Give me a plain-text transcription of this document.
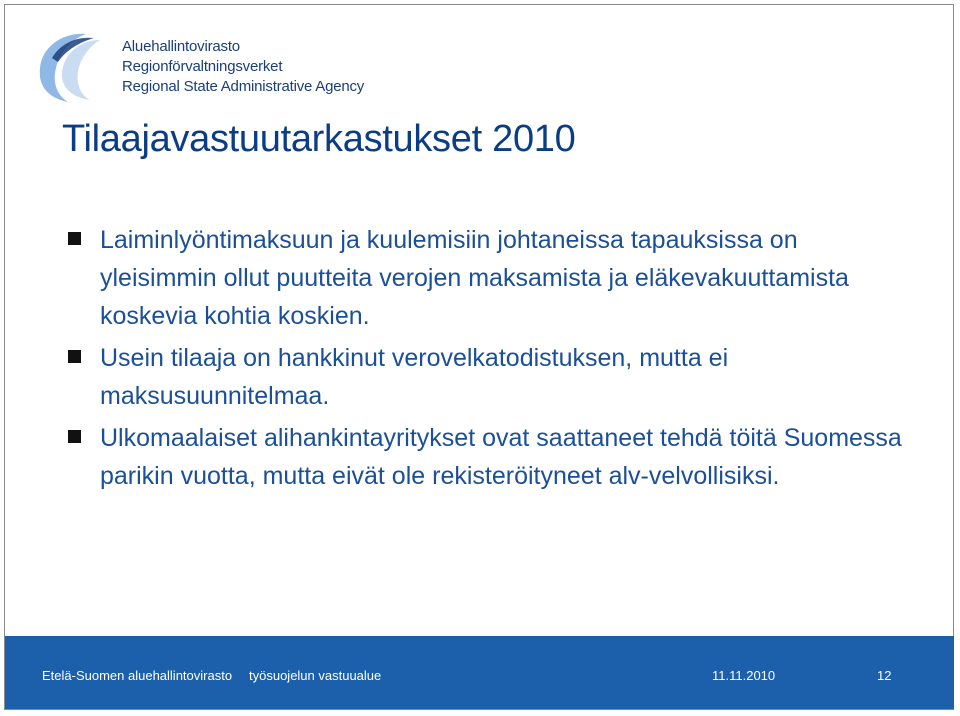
Aluehallintovirasto
Regionförvaltningsverket
Regional State Administrative Agency
Tilaajavastuutarkastukset 2010
Laiminlyöntimaksuun ja kuulemisiin johtaneissa tapauksissa on yleisimmin ollut puutteita verojen maksamista ja eläkevakuuttamista koskevia kohtia koskien.
Usein tilaaja on hankkinut verovelkatodistuksen, mutta ei maksusuunnitelmaa.
Ulkomaalaiset alihankintayritykset ovat saattaneet tehdä töitä Suomessa parikin vuotta, mutta eivät ole rekisteröityneet alv-velvollisiksi.
Etelä-Suomen aluehallintovirasto työsuojelun vastuualue	11.11.2010	12
